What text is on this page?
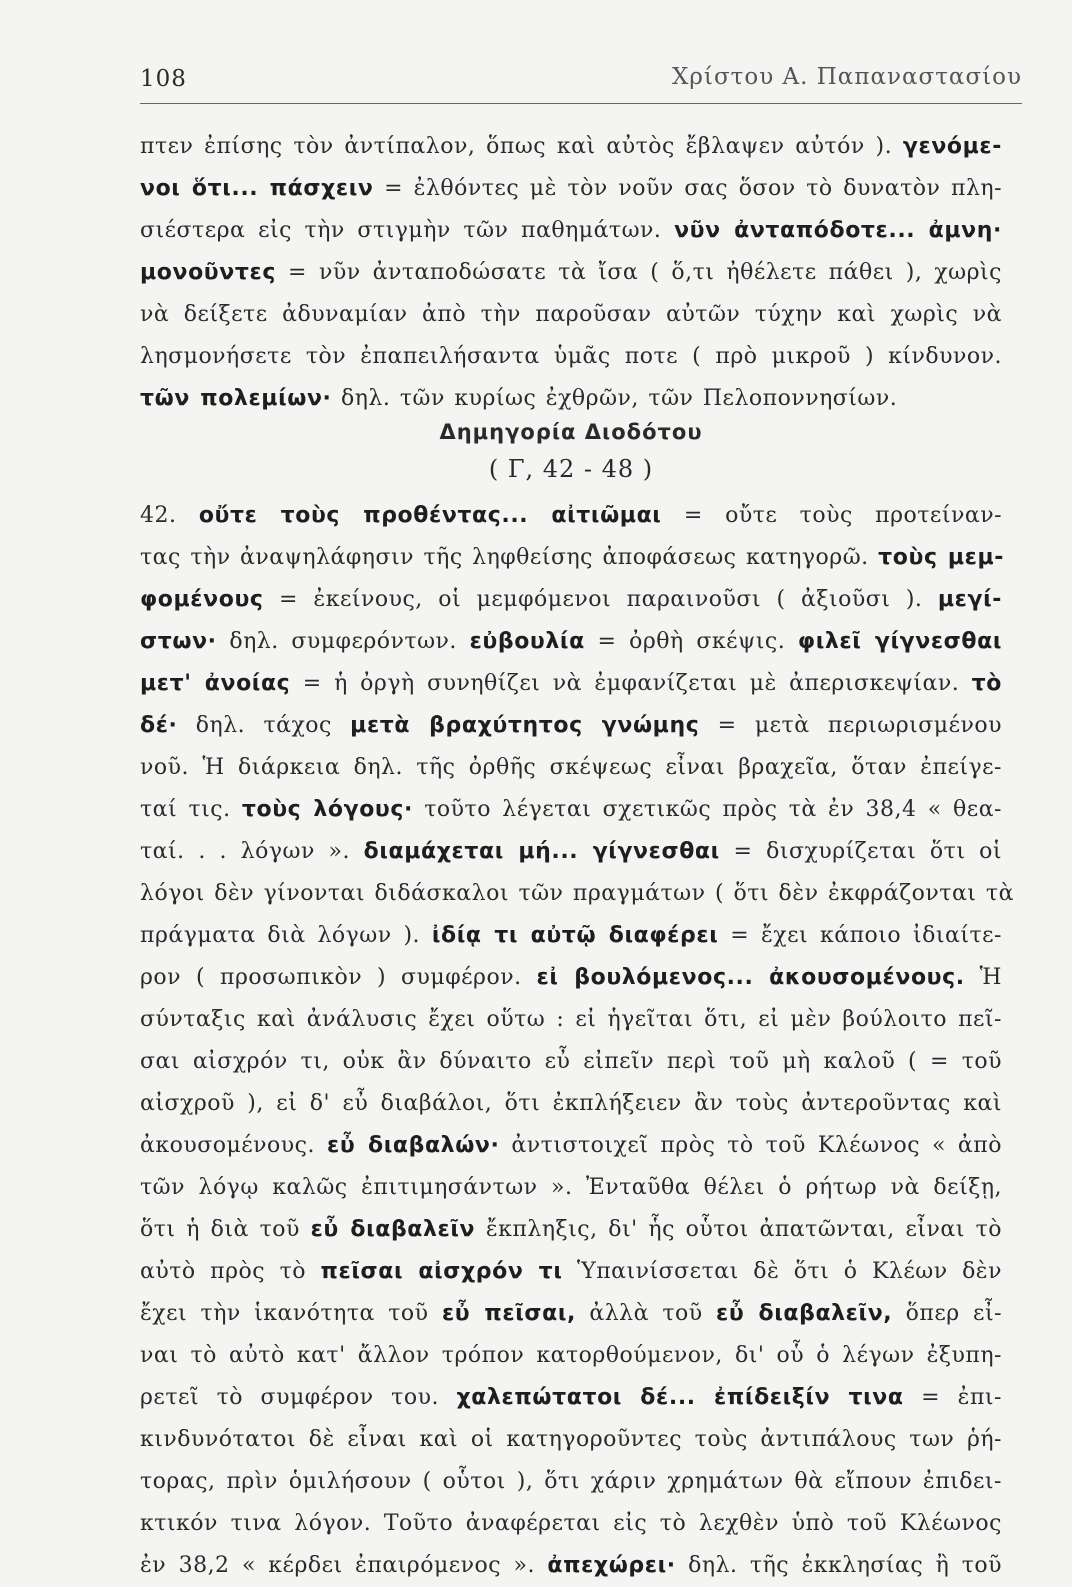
108	Χρίστου Α. Παπαναστασίου
πτεν ἐπίσης τὸν ἀντίπαλον, ὅπως καὶ αὐτὸς ἔβλαψεν αὐτόν ). γενόμε-
νοι ὅτι... πάσχειν = ἐλθόντες μὲ τὸν νοῦν σας ὅσον τὸ δυνατὸν πλη-
σιέστερα εἰς τὴν στιγμὴν τῶν παθημάτων. νῦν ἀνταπόδοτε... ἀμνη·
μονοῦντες = νῦν ἀνταποδώσατε τὰ ἴσα ( ὅ,τι ἠθέλετε πάθει ), χωρὶς
νὰ δείξετε ἀδυναμίαν ἀπὸ τὴν παροῦσαν αὐτῶν τύχην καὶ χωρὶς νὰ
λησμονήσετε τὸν ἐπαπειλήσαντα ὑμᾶς ποτε ( πρὸ μικροῦ ) κίνδυνον.
τῶν πολεμίων· δηλ. τῶν κυρίως ἐχθρῶν, τῶν Πελοποννησίων.
Δημηγορία Διοδότου
( Γ, 42 - 48 )
42. οὔτε τοὺς προθέντας... αἰτιῶμαι = οὔτε τοὺς προτείναν-
τας τὴν ἀναψηλάφησιν τῆς ληφθείσης ἀποφάσεως κατηγορῶ. τοὺς μεμ-
φομένους = ἐκείνους, οἱ μεμφόμενοι παραινοῦσι ( ἀξιοῦσι ). μεγί-
στων· δηλ. συμφερόντων. εὐβουλία = ὀρθὴ σκέψις. φιλεῖ γίγνεσθαι
μετ' ἀνοίας = ἡ ὀργὴ συνηθίζει νὰ ἐμφανίζεται μὲ ἀπερισκεψίαν. τὸ
δέ· δηλ. τάχος μετὰ βραχύτητος γνώμης = μετὰ περιωρισμένου
νοῦ. Ἡ διάρκεια δηλ. τῆς ὀρθῆς σκέψεως εἶναι βραχεῖα, ὅταν ἐπείγε-
ταί τις. τοὺς λόγους· τοῦτο λέγεται σχετικῶς πρὸς τὰ ἐν 38,4 « θεα-
ταί. . . λόγων ». διαμάχεται μή... γίγνεσθαι = δισχυρίζεται ὅτι οἱ
λόγοι δὲν γίνονται διδάσκαλοι τῶν πραγμάτων ( ὅτι δὲν ἐκφράζονται τὰ
πράγματα διὰ λόγων ). ἰδίᾳ τι αὐτῷ διαφέρει = ἔχει κάποιο ἰδιαίτε-
ρον ( προσωπικὸν ) συμφέρον. εἰ βουλόμενος... ἀκουσομένους. Ἡ
σύνταξις καὶ ἀνάλυσις ἔχει οὕτω : εἰ ἡγεῖται ὅτι, εἰ μὲν βούλοιτο πεῖ-
σαι αἰσχρόν τι, οὐκ ἂν δύναιτο εὖ εἰπεῖν περὶ τοῦ μὴ καλοῦ ( = τοῦ
αἰσχροῦ ), εἰ δ' εὖ διαβάλοι, ὅτι ἐκπλήξειεν ἂν τοὺς ἀντεροῦντας καὶ
ἀκουσομένους. εὖ διαβαλών· ἀντιστοιχεῖ πρὸς τὸ τοῦ Κλέωνος « ἀπὸ
τῶν λόγῳ καλῶς ἐπιτιμησάντων ». Ἐνταῦθα θέλει ὁ ρήτωρ νὰ δείξῃ,
ὅτι ἡ διὰ τοῦ εὖ διαβαλεῖν ἔκπληξις, δι' ἧς οὗτοι ἀπατῶνται, εἶναι τὸ
αὐτὸ πρὸς τὸ πεῖσαι αἰσχρόν τι Ὑπαινίσσεται δὲ ὅτι ὁ Κλέων δὲν
ἔχει τὴν ἱκανότητα τοῦ εὖ πεῖσαι, ἀλλὰ τοῦ εὖ διαβαλεῖν, ὅπερ εἶ-
ναι τὸ αὐτὸ κατ' ἄλλον τρόπον κατορθούμενον, δι' οὗ ὁ λέγων ἐξυπη-
ρετεῖ τὸ συμφέρον του. χαλεπώτατοι δέ... ἐπίδειξίν τινα = ἐπι-
κινδυνότατοι δὲ εἶναι καὶ οἱ κατηγοροῦντες τοὺς ἀντιπάλους των ῥή-
τορας, πρὶν ὁμιλήσουν ( οὗτοι ), ὅτι χάριν χρημάτων θὰ εἴπουν ἐπιδει-
κτικόν τινα λόγον. Τοῦτο ἀναφέρεται εἰς τὸ λεχθὲν ὑπὸ τοῦ Κλέωνος
ἐν 38,2 « κέρδει ἐπαιρόμενος ». ἀπεχώρει· δηλ. τῆς ἐκκλησίας ἢ τοῦ
